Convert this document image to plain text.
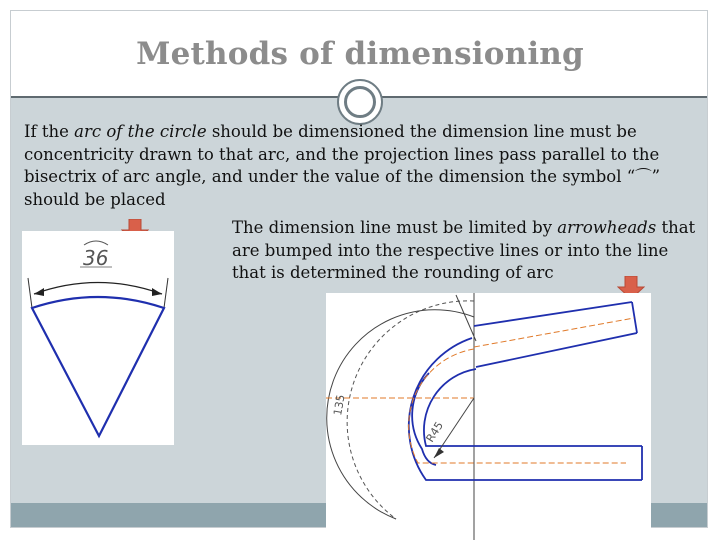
Methods of dimensioning
If the arc of the circle should be dimensioned the dimension line must be concentricity drawn to that arc, and the projection lines pass parallel to the bisectrix of arc angle, and under the value of the dimension the symbol “⌒” should be placed
The dimension line must be limited by arrowheads that are bumped into the respective lines or into the line that is determined the rounding of arc
36
R45
135
